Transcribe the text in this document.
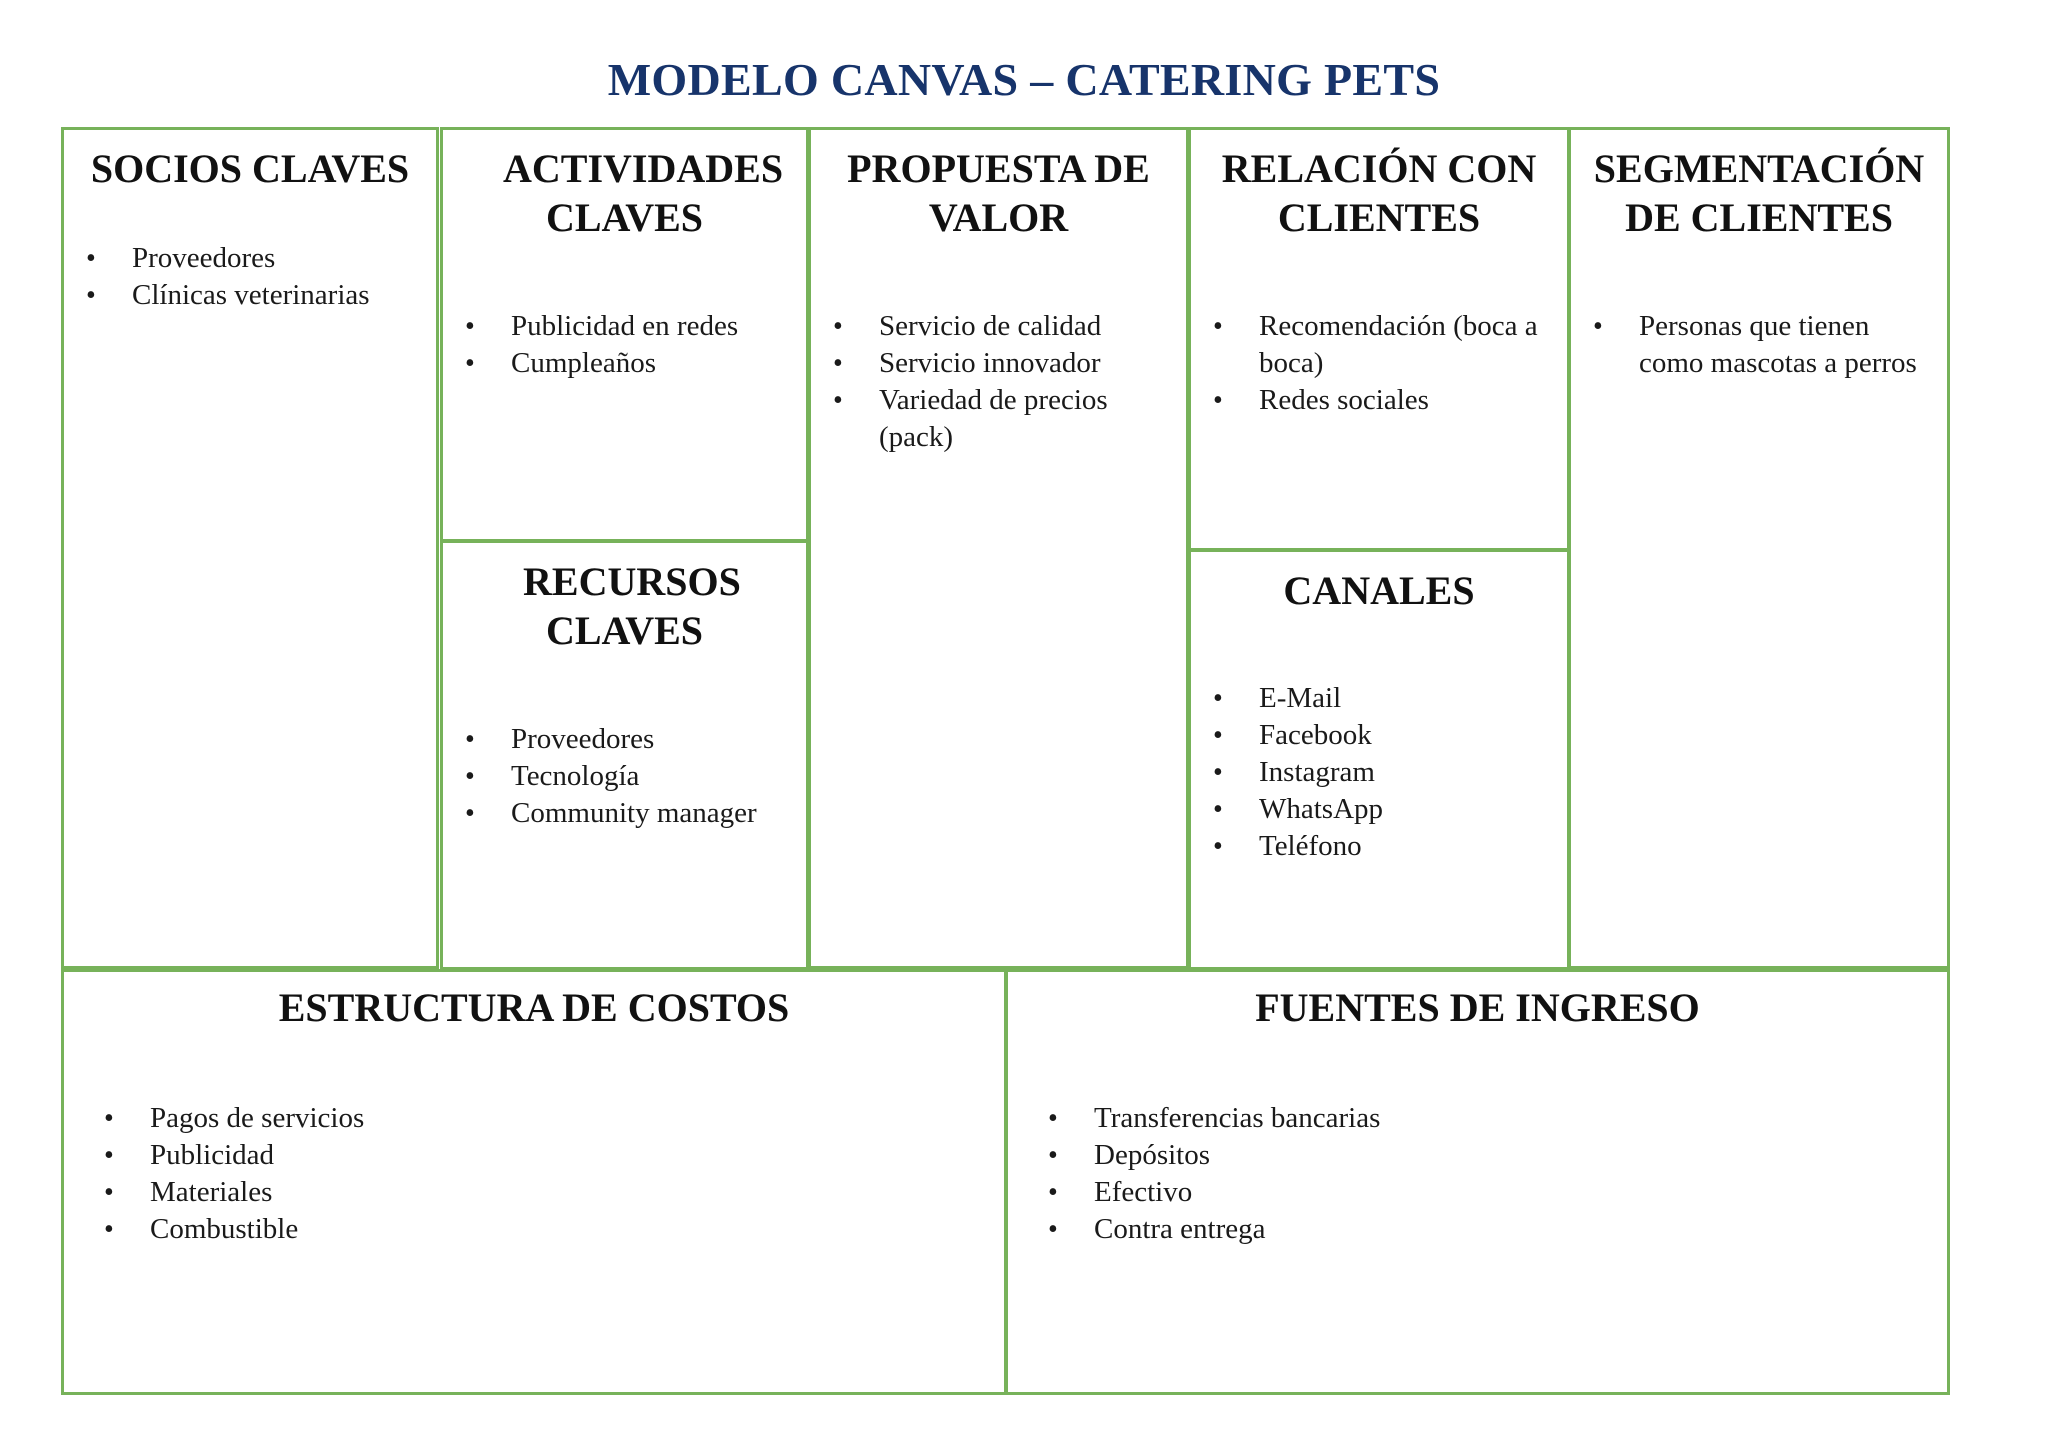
MODELO CANVAS – CATERING PETS
SOCIOS CLAVES
•	Proveedores
•	Clínicas veterinarias
ACTIVIDADES CLAVES
•	Publicidad en redes
•	Cumpleaños
RECURSOS CLAVES
•	Proveedores
•	Tecnología
•	Community manager
PROPUESTA DE VALOR
•	Servicio de calidad
•	Servicio innovador
•	Variedad de precios (pack)
RELACIÓN CON CLIENTES
•	Recomendación (boca a boca)
•	Redes sociales
CANALES
•	E-Mail
•	Facebook
•	Instagram
•	WhatsApp
•	Teléfono
SEGMENTACIÓN DE CLIENTES
•	Personas que tienen como mascotas a perros
ESTRUCTURA DE COSTOS
•	Pagos de servicios
•	Publicidad
•	Materiales
•	Combustible
FUENTES DE INGRESO
•	Transferencias bancarias
•	Depósitos
•	Efectivo
•	Contra entrega
